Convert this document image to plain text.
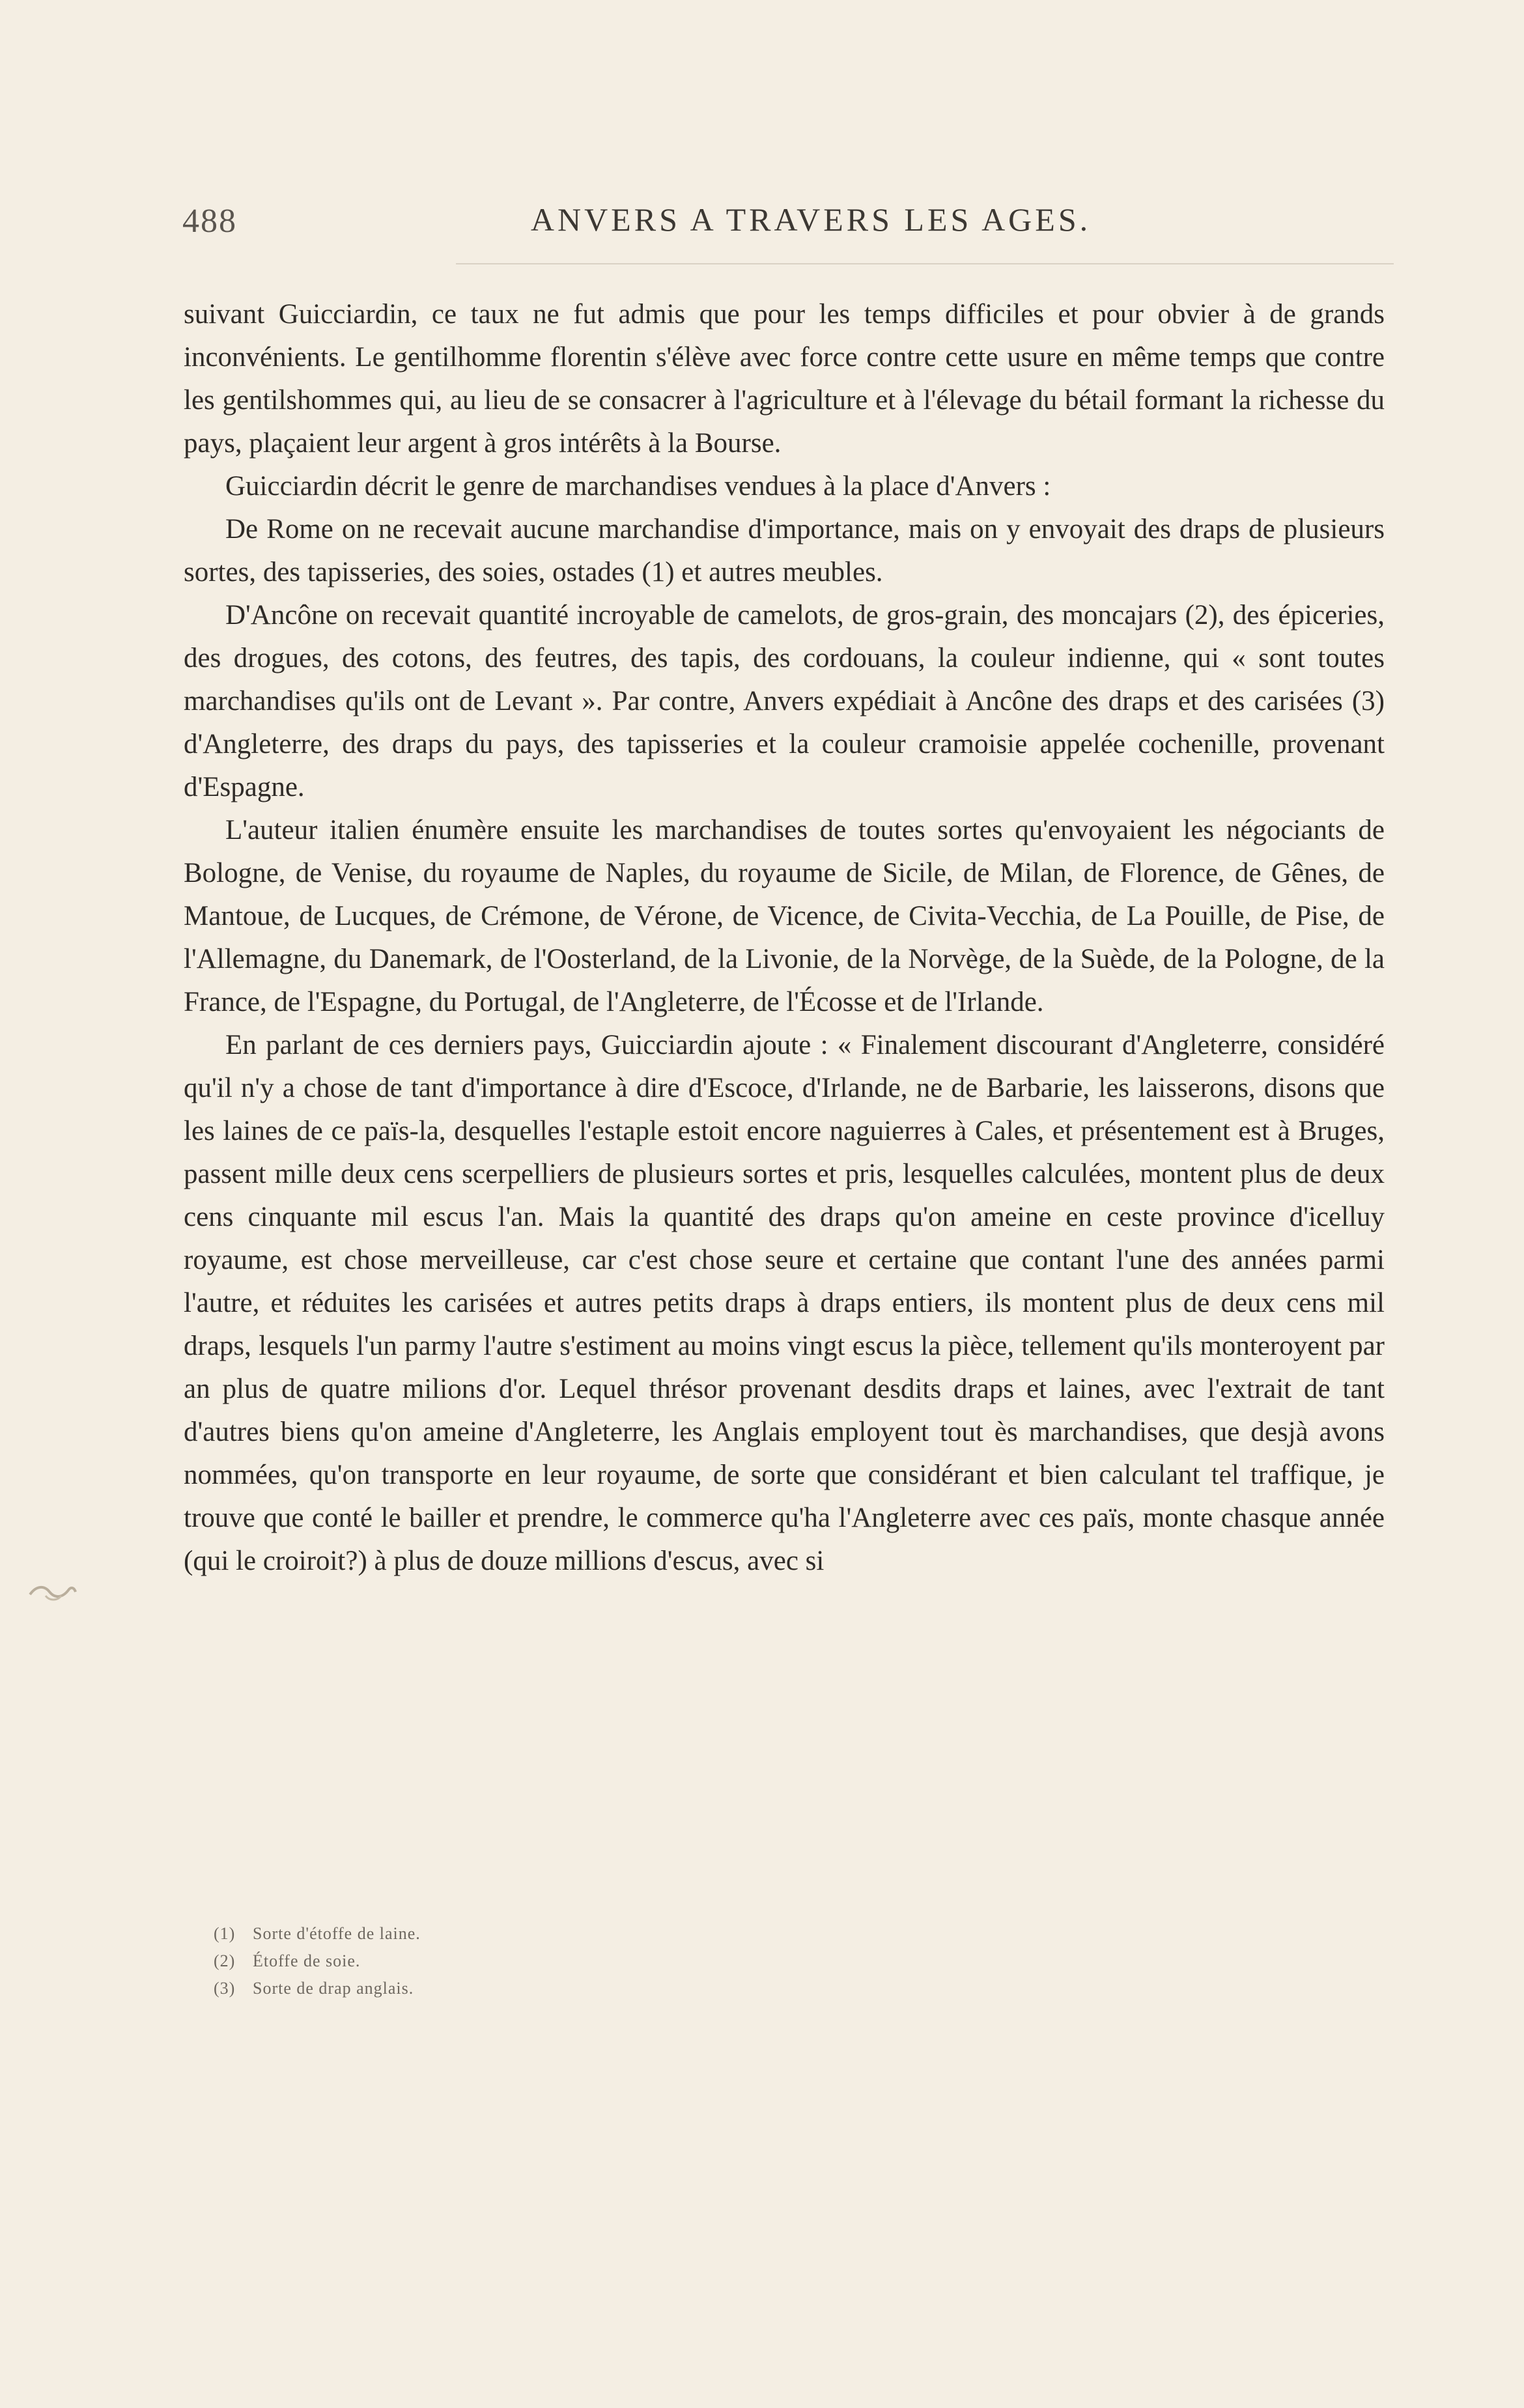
488	ANVERS A TRAVERS LES AGES.

suivant Guicciardin, ce taux ne fut admis que pour les temps difficiles et pour obvier à de grands inconvénients. Le gentilhomme florentin s'élève avec force contre cette usure en même temps que contre les gentilshommes qui, au lieu de se consacrer à l'agriculture et à l'élevage du bétail formant la richesse du pays, plaçaient leur argent à gros intérêts à la Bourse.

Guicciardin décrit le genre de marchandises vendues à la place d'Anvers :

De Rome on ne recevait aucune marchandise d'importance, mais on y envoyait des draps de plusieurs sortes, des tapisseries, des soies, ostades (1) et autres meubles.

D'Ancône on recevait quantité incroyable de camelots, de gros-grain, des moncajars (2), des épiceries, des drogues, des cotons, des feutres, des tapis, des cordouans, la couleur indienne, qui « sont toutes marchandises qu'ils ont de Levant ». Par contre, Anvers expédiait à Ancône des draps et des carisées (3) d'Angleterre, des draps du pays, des tapisseries et la couleur cramoisie appelée cochenille, provenant d'Espagne.

L'auteur italien énumère ensuite les marchandises de toutes sortes qu'envoyaient les négociants de Bologne, de Venise, du royaume de Naples, du royaume de Sicile, de Milan, de Florence, de Gênes, de Mantoue, de Lucques, de Crémone, de Vérone, de Vicence, de Civita-Vecchia, de La Pouille, de Pise, de l'Allemagne, du Danemark, de l'Oosterland, de la Livonie, de la Norvège, de la Suède, de la Pologne, de la France, de l'Espagne, du Portugal, de l'Angleterre, de l'Écosse et de l'Irlande.

En parlant de ces derniers pays, Guicciardin ajoute : « Finalement discourant d'Angleterre, considéré qu'il n'y a chose de tant d'importance à dire d'Escoce, d'Irlande, ne de Barbarie, les laisserons, disons que les laines de ce païs-la, desquelles l'estaple estoit encore naguierres à Cales, et présentement est à Bruges, passent mille deux cens scerpelliers de plusieurs sortes et pris, lesquelles calculées, montent plus de deux cens cinquante mil escus l'an. Mais la quantité des draps qu'on ameine en ceste province d'icelluy royaume, est chose merveilleuse, car c'est chose seure et certaine que contant l'une des années parmi l'autre, et réduites les carisées et autres petits draps à draps entiers, ils montent plus de deux cens mil draps, lesquels l'un parmy l'autre s'estiment au moins vingt escus la pièce, tellement qu'ils monteroyent par an plus de quatre milions d'or. Lequel thrésor provenant desdits draps et laines, avec l'extrait de tant d'autres biens qu'on ameine d'Angleterre, les Anglais employent tout ès marchandises, que desjà avons nommées, qu'on transporte en leur royaume, de sorte que considérant et bien calculant tel traffique, je trouve que conté le bailler et prendre, le commerce qu'ha l'Angleterre avec ces païs, monte chasque année (qui le croiroit?) à plus de douze millions d'escus, avec si

(1)	Sorte d'étoffe de laine.
(2)	Étoffe de soie.
(3)	Sorte de drap anglais.
